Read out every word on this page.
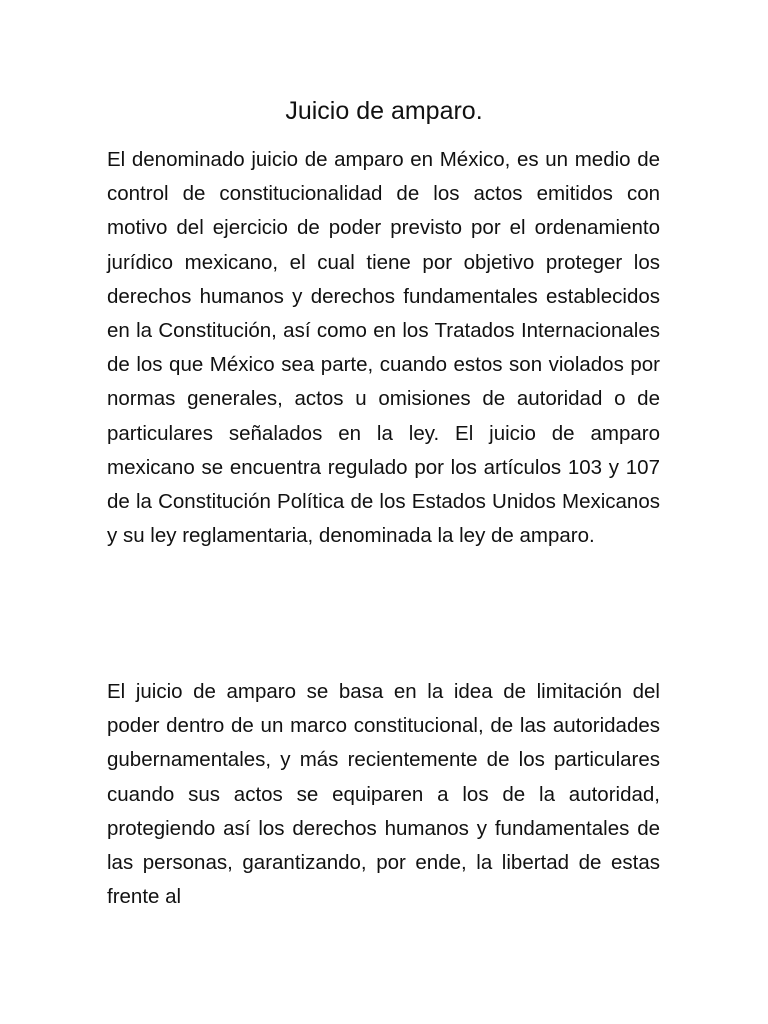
Juicio de amparo.

El denominado juicio de amparo en México, es un medio de control de constitucionalidad de los actos emitidos con motivo del ejercicio de poder previsto por el ordenamiento jurídico mexicano, el cual tiene por objetivo proteger los derechos humanos y derechos fundamentales establecidos en la Constitución, así como en los Tratados Internacionales de los que México sea parte, cuando estos son violados por normas generales, actos u omisiones de autoridad o de particulares señalados en la ley. El juicio de amparo mexicano se encuentra regulado por los artículos 103 y 107 de la Constitución Política de los Estados Unidos Mexicanos y su ley reglamentaria, denominada la ley de amparo.

El juicio de amparo se basa en la idea de limitación del poder dentro de un marco constitucional, de las autoridades gubernamentales, y más recientemente de los particulares cuando sus actos se equiparen a los de la autoridad, protegiendo así los derechos humanos y fundamentales de las personas, garantizando, por ende, la libertad de estas frente al
